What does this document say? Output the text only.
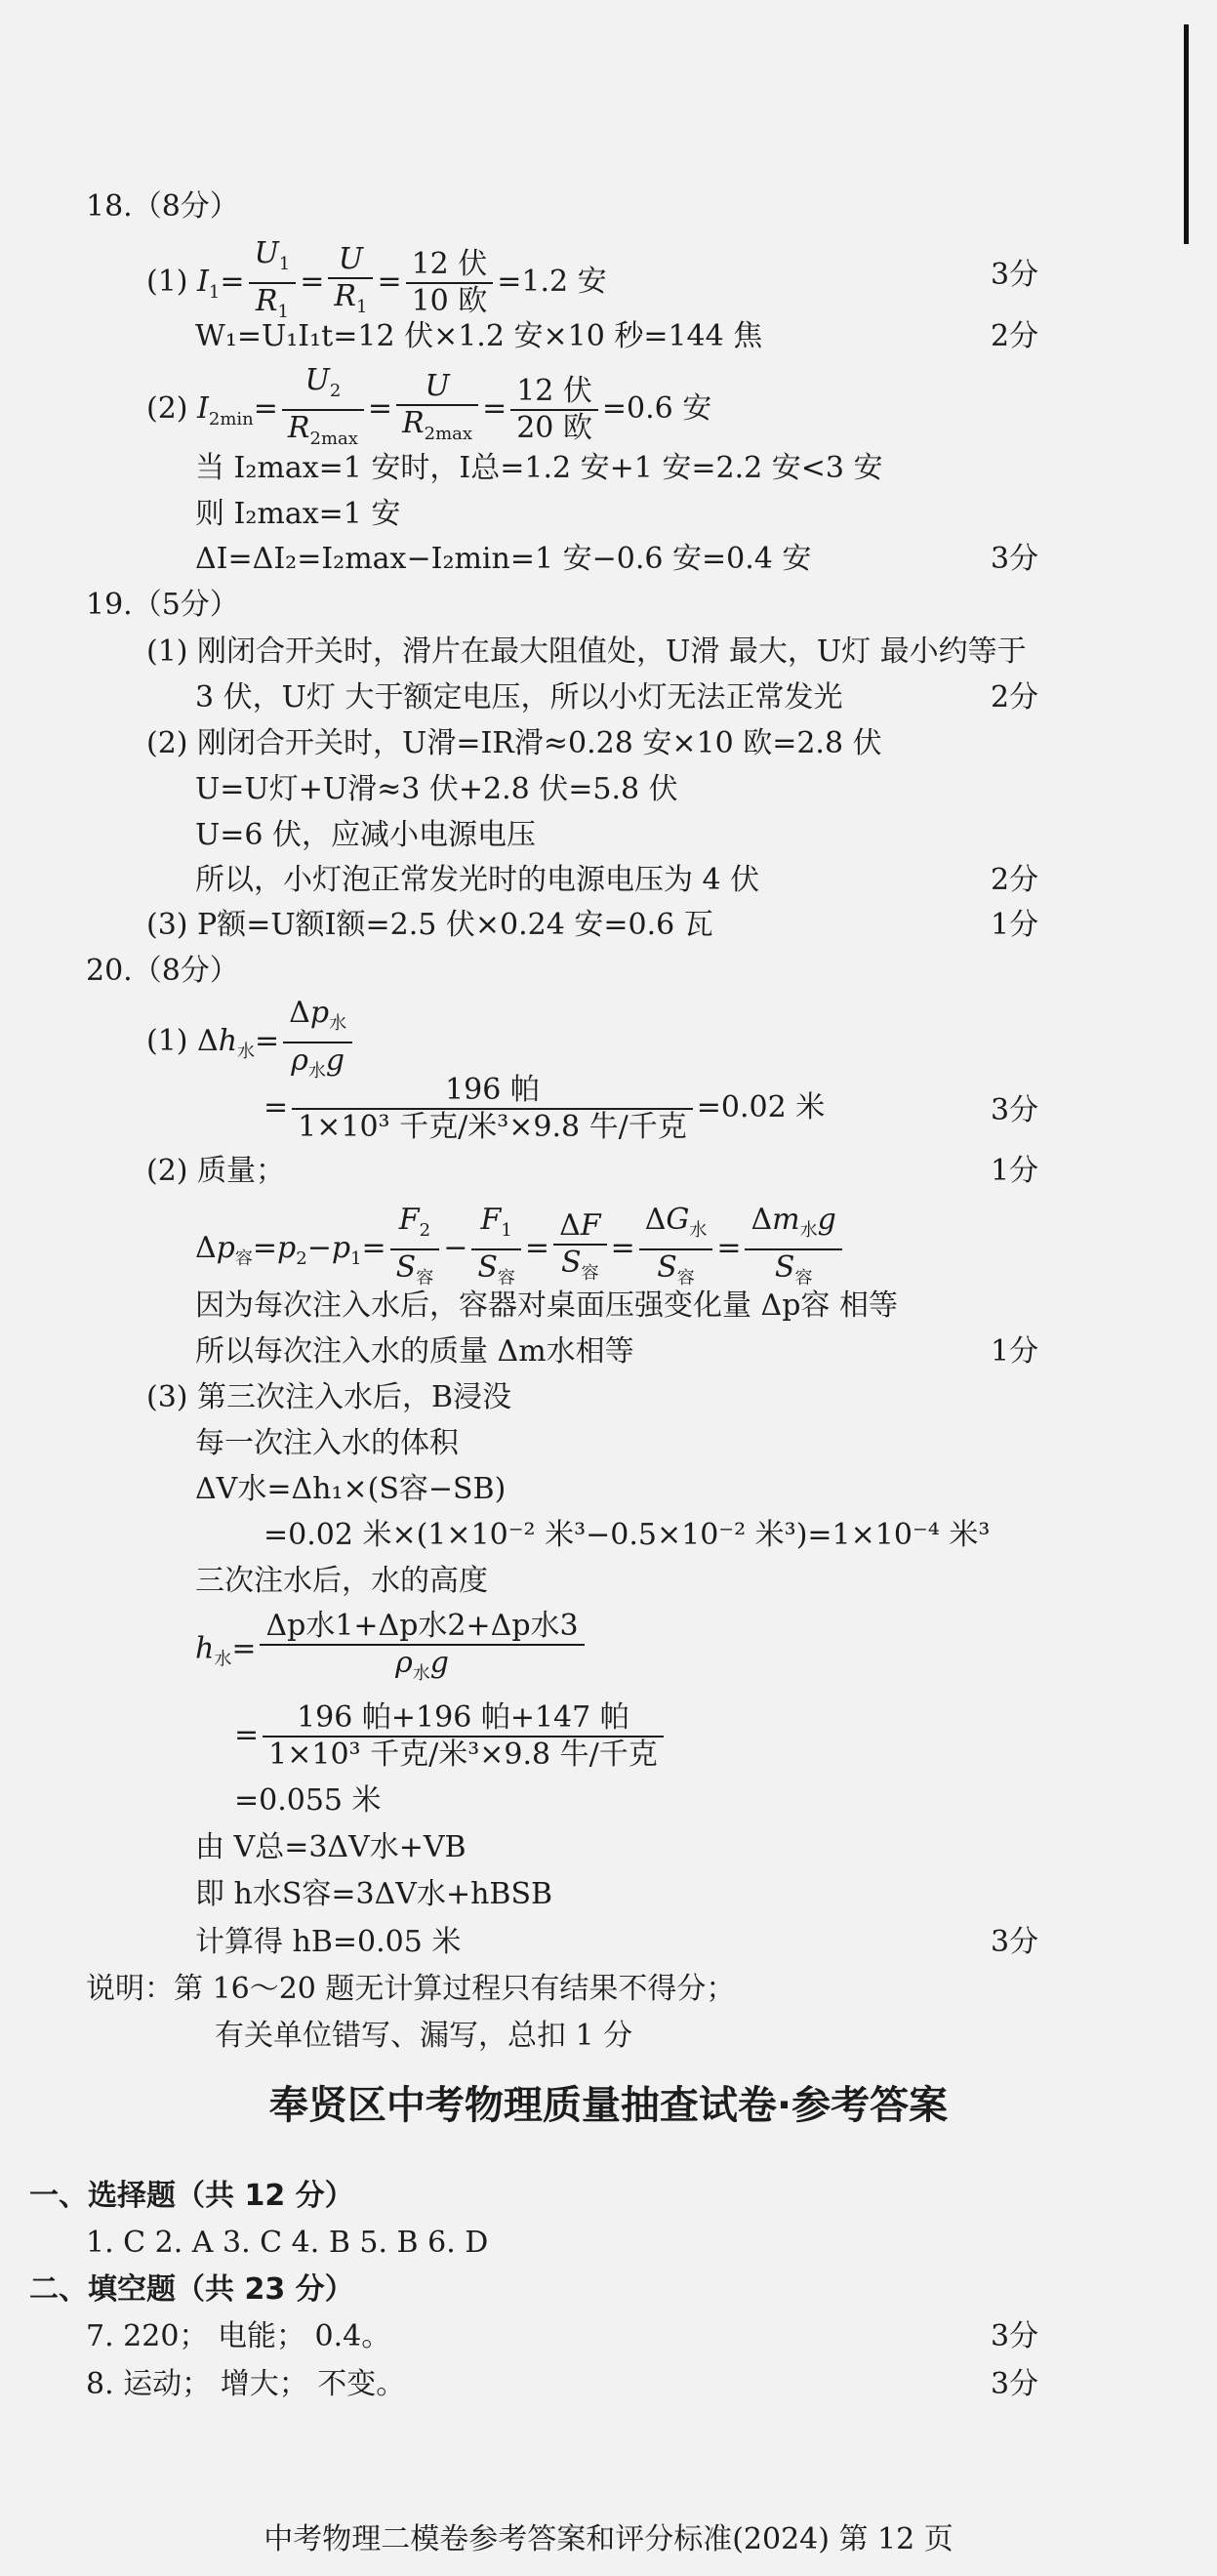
18.（8分）
(1) $I_1= \frac{U_1}{R_1} = \frac{U}{R_1} = \frac{\text{12 伏}}{\text{10 欧}} =1.2$ 安	3分
W₁=U₁I₁t=12 伏×1.2 安×10 秒=144 焦	2分
(2) $I_{2min}= \frac{U_2}{R_{2max}} = \frac{U}{R_{2max}} = \frac{\text{12 伏}}{\text{20 欧}} =0.6$ 安
当 I₂max=1 安时，I总=1.2 安+1 安=2.2 安<3 安
则 I₂max=1 安
ΔI=ΔI₂=I₂max−I₂min=1 安−0.6 安=0.4 安	3分
19.（5分）
(1) 刚闭合开关时，滑片在最大阻值处，U滑 最大，U灯 最小约等于
3 伏，U灯 大于额定电压，所以小灯无法正常发光	2分
(2) 刚闭合开关时，U滑=IR滑≈0.28 安×10 欧=2.8 伏
U=U灯+U滑≈3 伏+2.8 伏=5.8 伏
U=6 伏，应减小电源电压
所以，小灯泡正常发光时的电源电压为 4 伏	2分
(3) P额=U额I额=2.5 伏×0.24 安=0.6 瓦	1分
20.（8分）
(1) $\Delta h_水= \frac{\Delta p_水}{\rho_水g}$
= $\frac{\text{196 帕}}{\text{1×10³ 千克/米³×9.8 牛/千克}} =0.02$ 米	3分
(2) 质量；	1分
$\Delta p_容=p_2-p_1= \frac{F_2}{S_容} - \frac{F_1}{S_容} = \frac{\Delta F}{S_容} = \frac{\Delta G_水}{S_容} = \frac{\Delta m_水g}{S_容}$
因为每次注入水后，容器对桌面压强变化量 Δp容 相等
所以每次注入水的质量 Δm水相等	1分
(3) 第三次注入水后，B浸没
每一次注入水的体积
ΔV水=Δh₁×(S容−SB)
=0.02 米×(1×10⁻² 米³−0.5×10⁻² 米³)=1×10⁻⁴ 米³
三次注水后，水的高度
$h_水= \frac{\text{Δp水1+Δp水2+Δp水3}}{\rho_水g}$
= $\frac{\text{196 帕+196 帕+147 帕}}{\text{1×10³ 千克/米³×9.8 牛/千克}}$
=0.055 米
由 V总=3ΔV水+VB
即 h水S容=3ΔV水+hBSB
计算得 hB=0.05 米	3分
说明：第 16～20 题无计算过程只有结果不得分；
有关单位错写、漏写，总扣 1 分
奉贤区中考物理质量抽查试卷·参考答案
一、选择题（共 12 分）
1. C 2. A 3. C 4. B 5. B 6. D
二、填空题（共 23 分）
7. 220； 电能； 0.4。	3分
8. 运动； 增大； 不变。	3分
中考物理二模卷参考答案和评分标准(2024) 第 12 页
